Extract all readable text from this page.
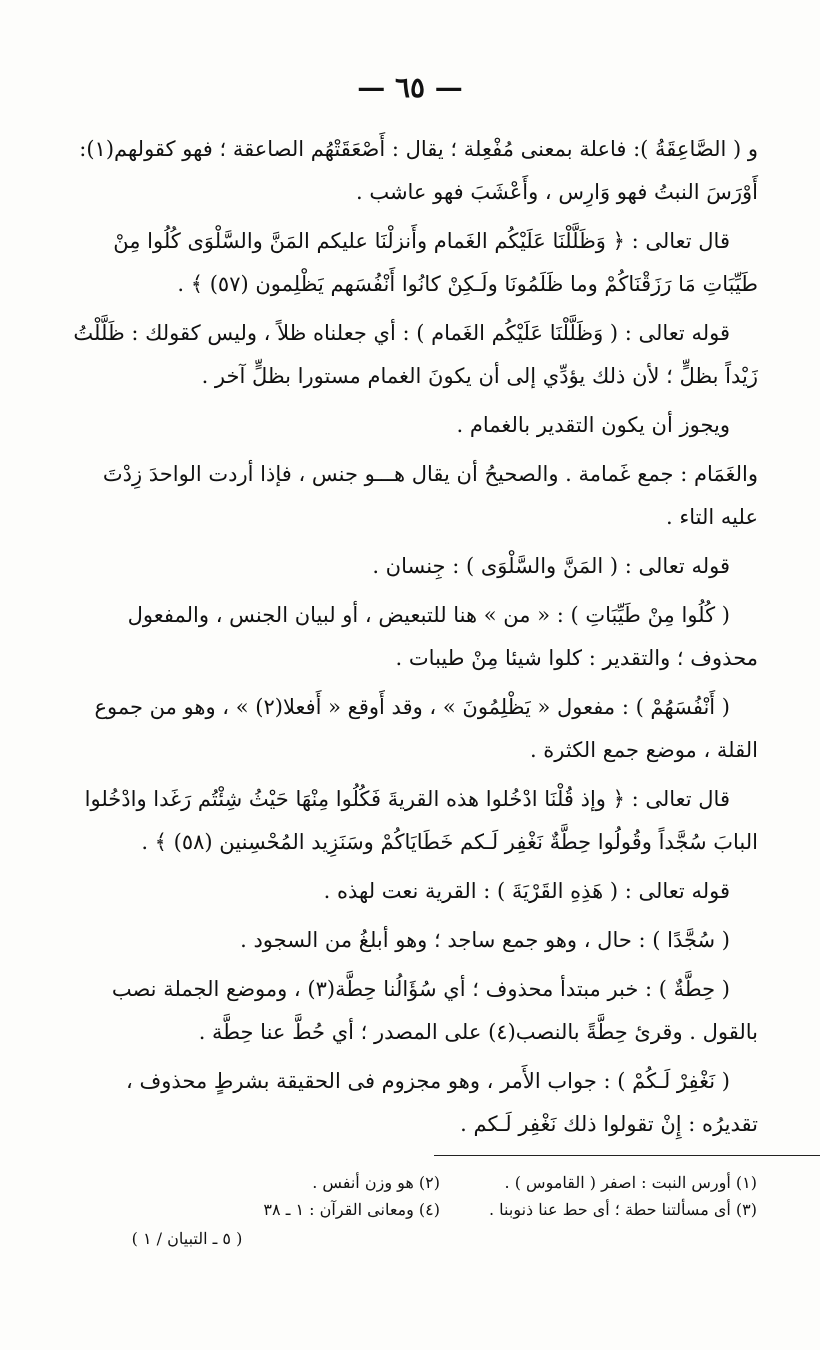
— ٦٥ —

و ( الصَّاعِقَةُ ): فاعلة بمعنى مُفْعِلة ؛ يقال : أَصْعَقَتْهُم الصاعقة ؛ فهو كقولهم(١): أَوْرَسَ النبتُ فهو وَارِس ، وأَعْشَبَ فهو عاشب .

قال تعالى : ﴿ وَظَلَّلْنَا عَلَيْكُم الغَمام وأَنزلْنَا عليكم المَنَّ والسَّلْوَى كُلُوا مِنْ طَيِّبَاتِ مَا رَزَقْنَاكُمْ وما ظَلَمُونَا ولَـكِنْ كانُوا أَنْفُسَهم يَظْلِمون (٥٧) ﴾ .

قوله تعالى : ( وَظَلَّلْنَا عَلَيْكُم الغَمام ) : أي جعلناه ظلاً ، وليس كقولك : ظَلَّلْتُ زَيْداً بظلٍّ ؛ لأن ذلك يؤدِّي إلى أن يكونَ الغمام مستورا بظلٍّ آخر .

ويجوز أن يكون التقدير بالغمام .

والغَمَام : جمع غَمامة . والصحيحُ أن يقال هـــو جنس ، فإذا أردت الواحدَ زِدْتَ عليه التاء .

قوله تعالى : ( المَنَّ والسَّلْوَى ) : جِنسان .

( كُلُوا مِنْ طَيِّبَاتِ ) : « من » هنا للتبعيض ، أو لبيان الجنس ، والمفعول محذوف ؛ والتقدير : كلوا شيئا مِنْ طيبات .

( أَنْفُسَهُمْ ) : مفعول « يَظْلِمُونَ » ، وقد أَوقع « أَفعلا(٢) » ، وهو من جموع القلة ، موضع جمع الكثرة .

قال تعالى : ﴿ وإذ قُلْنَا ادْخُلوا هذه القريةَ فَكُلُوا مِنْهَا حَيْثُ شِئْتُم رَغَدا وادْخُلوا البابَ سُجَّداً وقُولُوا حِطَّةٌ نَغْفِر لَـكم خَطَايَاكُمْ وسَنَزِيد المُحْسِنين (٥٨) ﴾ .

قوله تعالى : ( هَذِهِ القَرْيَةَ ) : القرية نعت لهذه .

( سُجَّدًا ) : حال ، وهو جمع ساجد ؛ وهو أبلغُ من السجود .

( حِطَّةٌ ) : خبر مبتدأ محذوف ؛ أي سُؤَالُنا حِطَّة(٣) ، وموضع الجملة نصب بالقول . وقرئ حِطَّةً بالنصب(٤) على المصدر ؛ أي حُطَّ عنا حِطَّة .

( نَغْفِرْ لَـكُمْ ) : جواب الأَمر ، وهو مجزوم فى الحقيقة بشرطٍ محذوف ، تقديرُه : إِنْ تقولوا ذلك نَغْفِر لَـكم .

(١) أورس النبت : اصفر ( القاموس ) .
(٢) هو وزن أنفس .
(٣) أى مسألتنا حطة ؛ أى حط عنا ذنوبنا .
(٤) ومعانى القرآن : ١ ـ ٣٨
( ٥ ـ التبيان / ١ )
